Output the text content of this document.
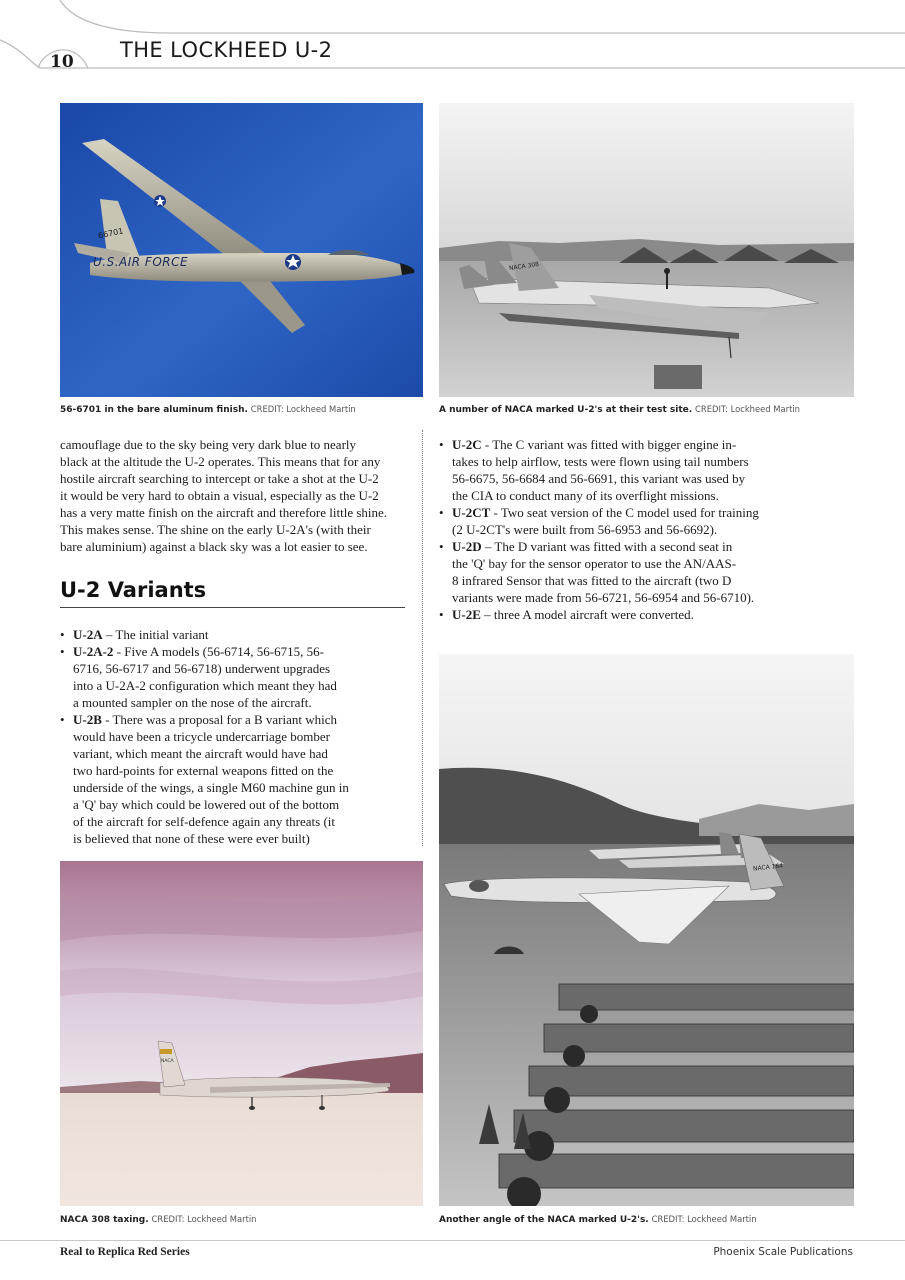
10 THE LOCKHEED U-2
66701
U.S.AIR FORCE
56-6701 in the bare aluminum finish. CREDIT: Lockheed Martin
NACA 308
A number of NACA marked U-2's at their test site. CREDIT: Lockheed Martin
camouflage due to the sky being very dark blue to nearly
black at the altitude the U-2 operates. This means that for any
hostile aircraft searching to intercept or take a shot at the U-2
it would be very hard to obtain a visual, especially as the U-2
has a very matte finish on the aircraft and therefore little shine.
This makes sense. The shine on the early U-2A's (with their
bare aluminium) against a black sky was a lot easier to see.
U-2 Variants
• U-2A – The initial variant
• U-2A-2 - Five A models (56-6714, 56-6715, 56-
6716, 56-6717 and 56-6718) underwent upgrades
into a U-2A-2 configuration which meant they had
a mounted sampler on the nose of the aircraft.
• U-2B - There was a proposal for a B variant which
would have been a tricycle undercarriage bomber
variant, which meant the aircraft would have had
two hard-points for external weapons fitted on the
underside of the wings, a single M60 machine gun in
a 'Q' bay which could be lowered out of the bottom
of the aircraft for self-defence again any threats (it
is believed that none of these were ever built)
• U-2C - The C variant was fitted with bigger engine in-
takes to help airflow, tests were flown using tail numbers
56-6675, 56-6684 and 56-6691, this variant was used by
the CIA to conduct many of its overflight missions.
• U-2CT - Two seat version of the C model used for training
(2 U-2CT's were built from 56-6953 and 56-6692).
• U-2D – The D variant was fitted with a second seat in
the 'Q' bay for the sensor operator to use the AN/AAS-
8 infrared Sensor that was fitted to the aircraft (two D
variants were made from 56-6721, 56-6954 and 56-6710).
• U-2E – three A model aircraft were converted.
NACA
NACA 308 taxing. CREDIT: Lockheed Martin
NACA 164
Another angle of the NACA marked U-2's. CREDIT: Lockheed Martin
Real to Replica Red Series	Phoenix Scale Publications
